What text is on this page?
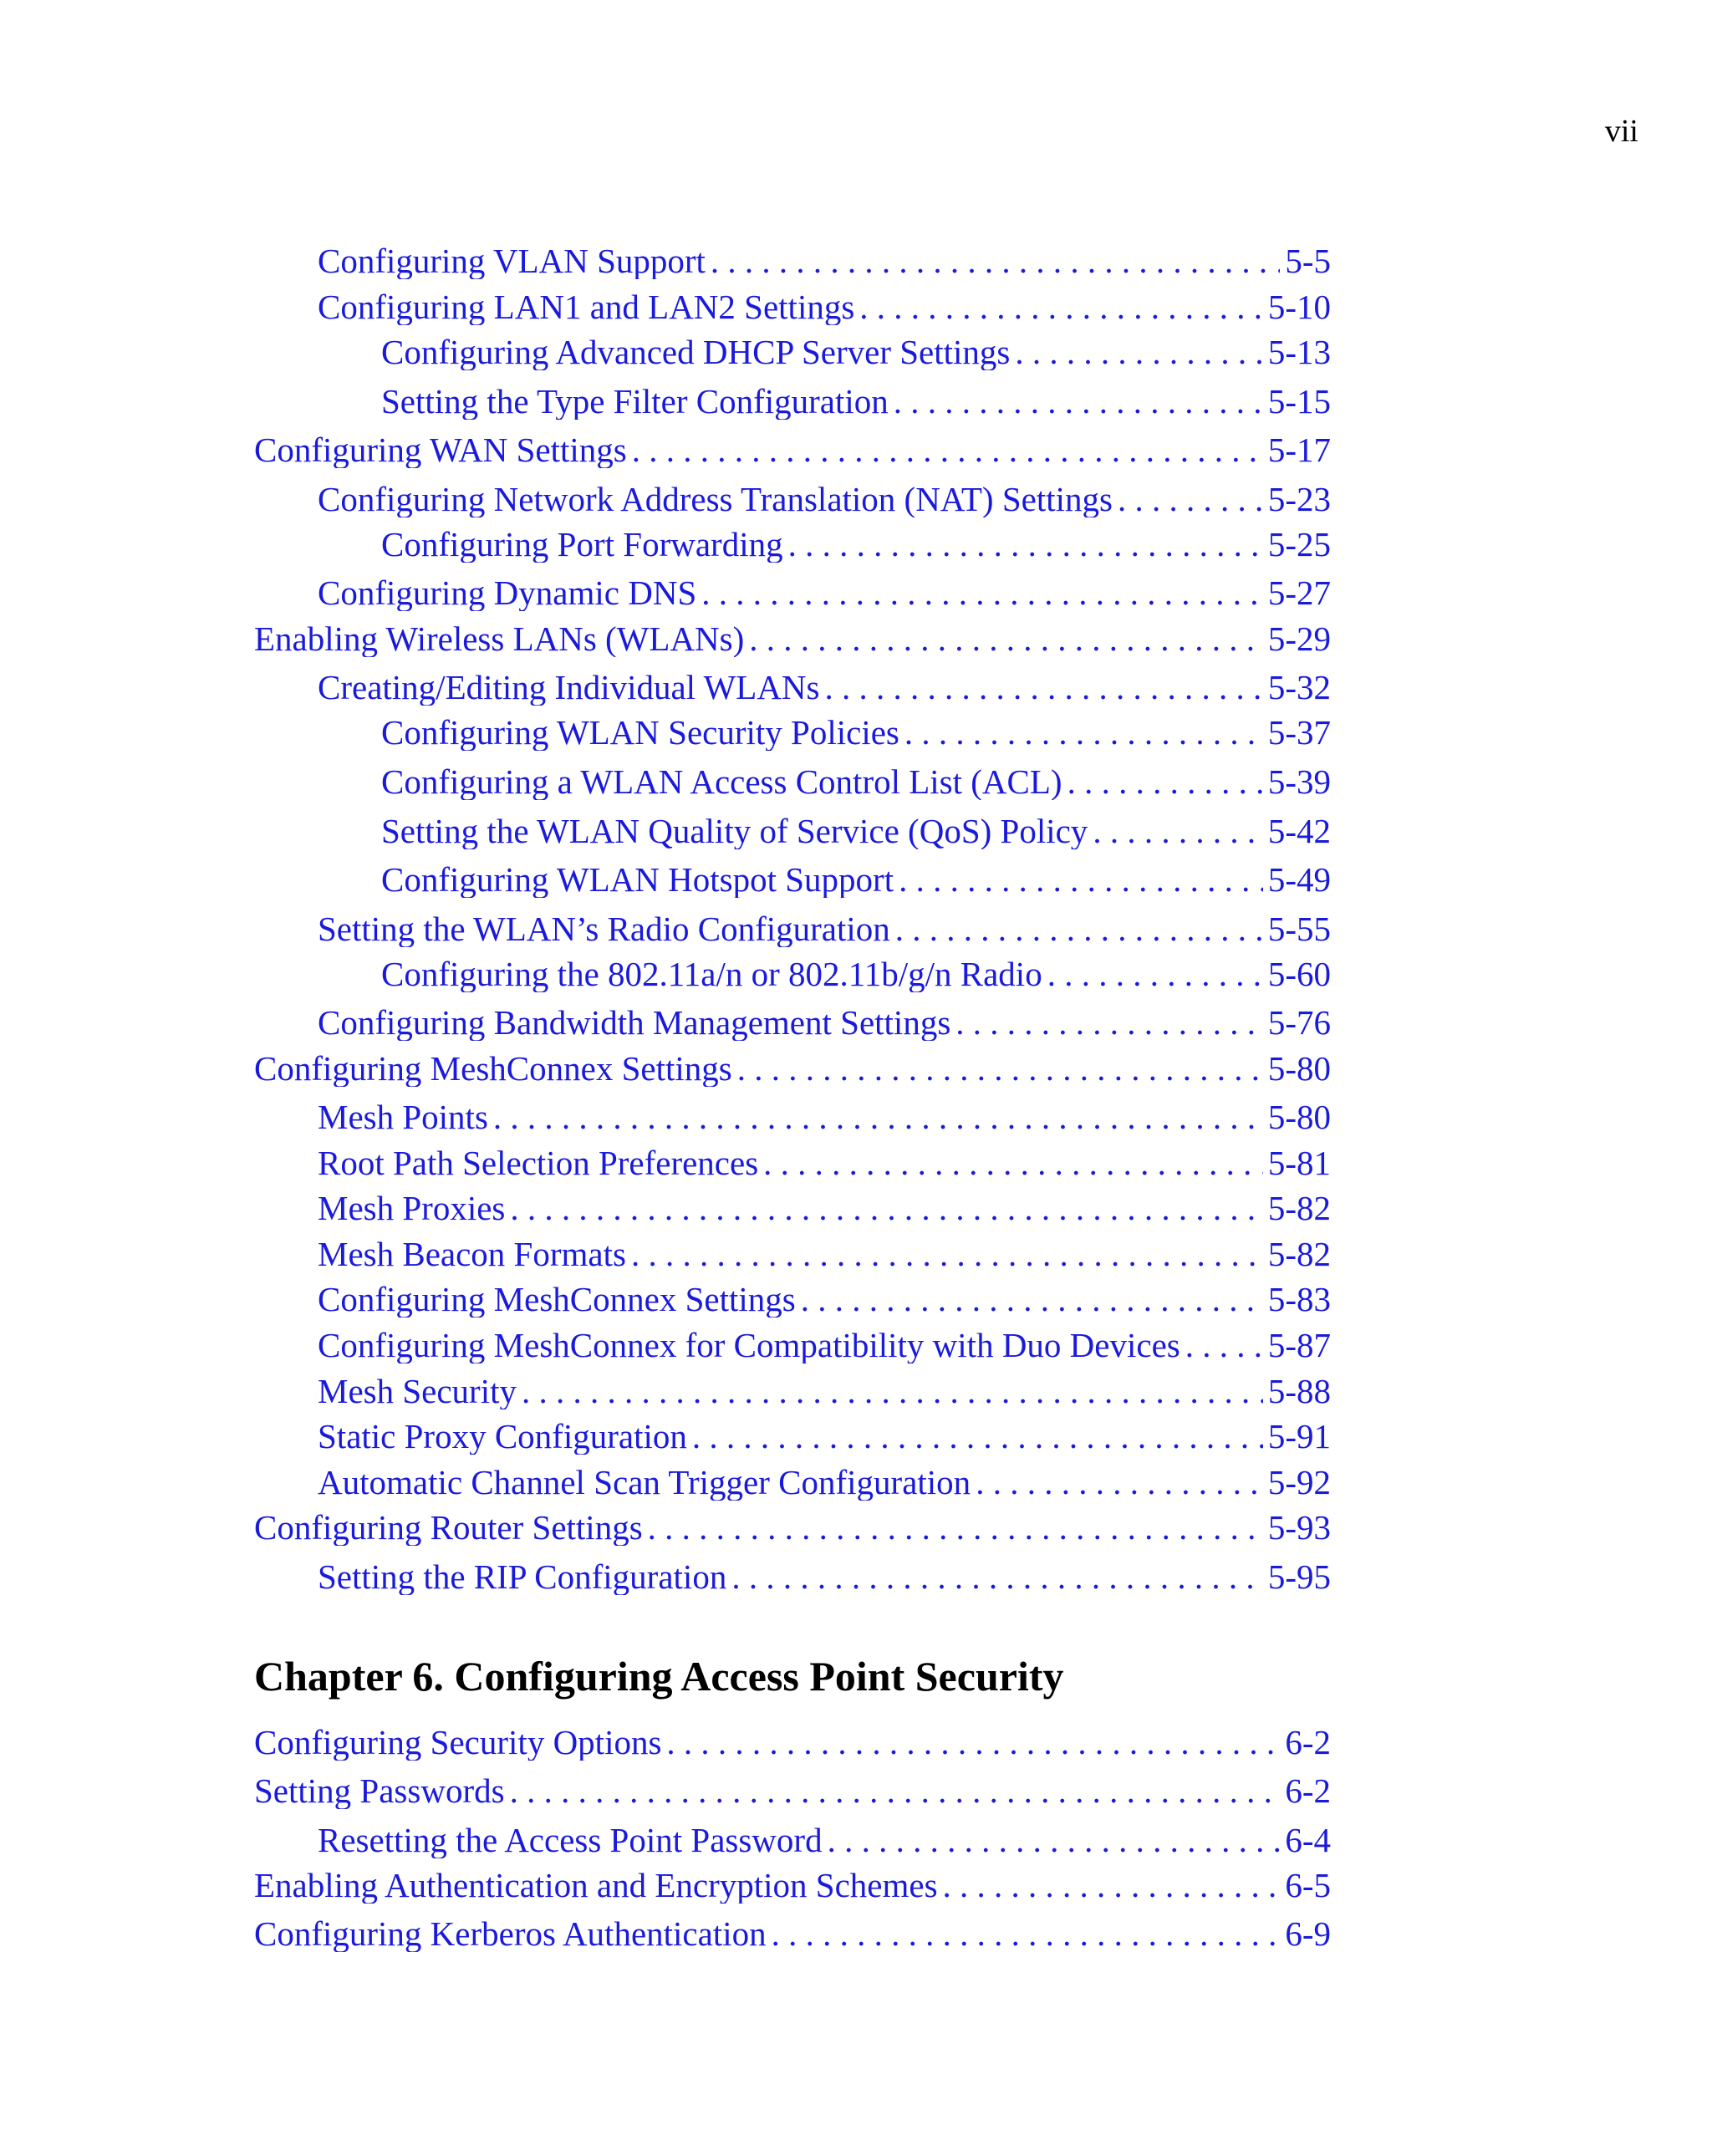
vii
Configuring VLAN Support . . .	5-5
Configuring LAN1 and LAN2 Settings . . .	5-10
Configuring Advanced DHCP Server Settings . . .	5-13
Setting the Type Filter Configuration . . .	5-15
Configuring WAN Settings . . .	5-17
Configuring Network Address Translation (NAT) Settings . . .	5-23
Configuring Port Forwarding . . .	5-25
Configuring Dynamic DNS . . .	5-27
Enabling Wireless LANs (WLANs) . . .	5-29
Creating/Editing Individual WLANs . . .	5-32
Configuring WLAN Security Policies . . .	5-37
Configuring a WLAN Access Control List (ACL) . . .	5-39
Setting the WLAN Quality of Service (QoS) Policy . . .	5-42
Configuring WLAN Hotspot Support . . .	5-49
Setting the WLAN’s Radio Configuration . . .	5-55
Configuring the 802.11a/n or 802.11b/g/n Radio . . .	5-60
Configuring Bandwidth Management Settings . . .	5-76
Configuring MeshConnex Settings . . .	5-80
Mesh Points . . .	5-80
Root Path Selection Preferences . . .	5-81
Mesh Proxies . . .	5-82
Mesh Beacon Formats . . .	5-82
Configuring MeshConnex Settings . . .	5-83
Configuring MeshConnex for Compatibility with Duo Devices . . .	5-87
Mesh Security . . .	5-88
Static Proxy Configuration . . .	5-91
Automatic Channel Scan Trigger Configuration . . .	5-92
Configuring Router Settings . . .	5-93
Setting the RIP Configuration . . .	5-95
Chapter 6. Configuring Access Point Security
Configuring Security Options . . .	6-2
Setting Passwords . . .	6-2
Resetting the Access Point Password . . .	6-4
Enabling Authentication and Encryption Schemes . . .	6-5
Configuring Kerberos Authentication . . .	6-9
